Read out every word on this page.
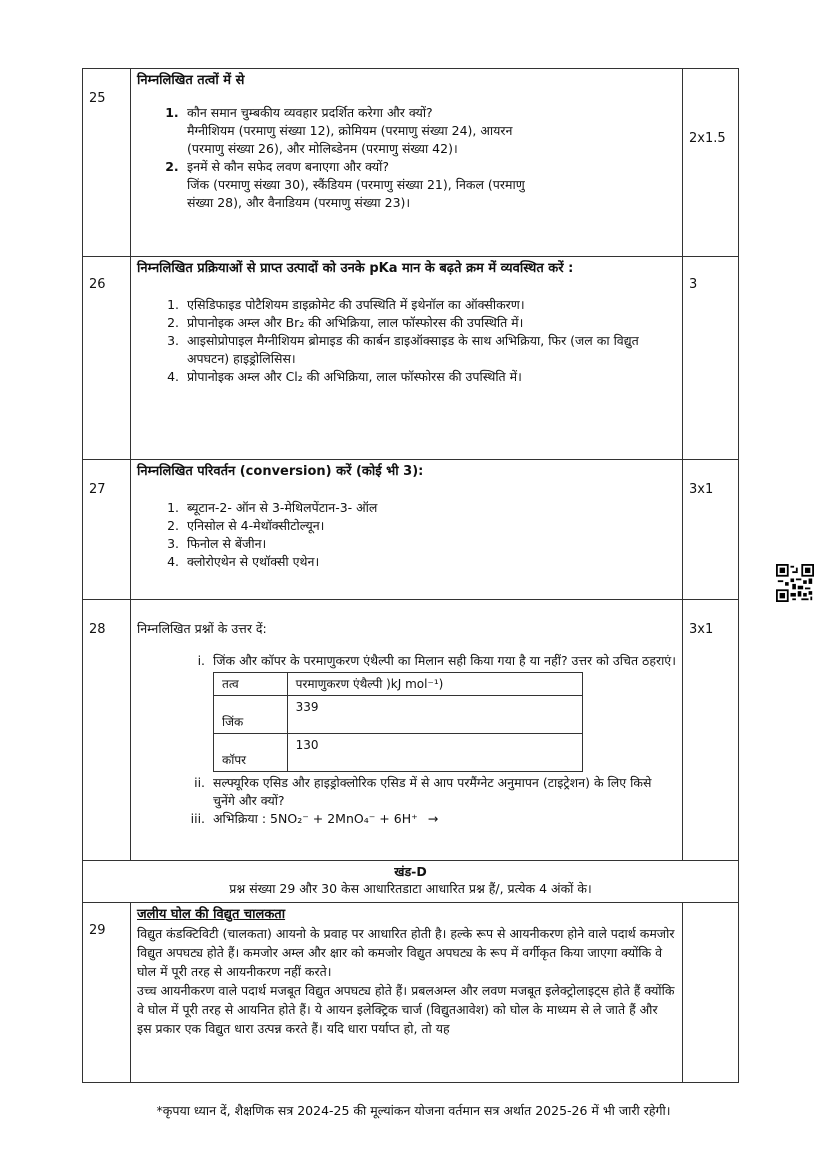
25

निम्नलिखित तत्वों में से
1. कौन समान चुम्बकीय व्यवहार प्रदर्शित करेगा और क्यों?
मैग्नीशियम (परमाणु संख्या 12), क्रोमियम (परमाणु संख्या 24), आयरन
(परमाणु संख्या 26), और मोलिब्डेनम (परमाणु संख्या 42)।
2. इनमें से कौन सफेद लवण बनाएगा और क्यों?
जिंक (परमाणु संख्या 30), स्कैंडियम (परमाणु संख्या 21), निकल (परमाणु
संख्या 28), और वैनाडियम (परमाणु संख्या 23)।

2x1.5

26

निम्नलिखित प्रक्रियाओं से प्राप्त उत्पादों को उनके pKa मान के बढ़ते क्रम में व्यवस्थित करें :
1. एसिडिफाइड पोटैशियम डाइक्रोमेट की उपस्थिति में इथेनॉल का ऑक्सीकरण।
2. प्रोपानोइक अम्ल और Br₂ की अभिक्रिया, लाल फॉस्फोरस की उपस्थिति में।
3. आइसोप्रोपाइल मैग्नीशियम ब्रोमाइड की कार्बन डाइऑक्साइड के साथ अभिक्रिया, फिर (जल का विद्युत अपघटन) हाइड्रोलिसिस।
4. प्रोपानोइक अम्ल और Cl₂ की अभिक्रिया, लाल फॉस्फोरस की उपस्थिति में।

3

27

निम्नलिखित परिवर्तन (conversion) करें (कोई भी 3):
1. ब्यूटान-2- ऑन से 3-मेथिलपेंटान-3- ऑल
2. एनिसोल से 4-मेथॉक्सीटोल्यून।
3. फिनोल से बेंजीन।
4. क्लोरोएथेन से एथॉक्सी एथेन।

3x1

28	निम्नलिखित प्रश्नों के उत्तर दें:
i. जिंक और कॉपर के परमाणुकरण एंथैल्पी का मिलान सही किया गया है या नहीं? उत्तर को उचित ठहराएं।
तत्व	परमाणुकरण एंथैल्पी )kJ mol⁻¹)
जिंक	339
कॉपर	130
ii. सल्फ्यूरिक एसिड और हाइड्रोक्लोरिक एसिड में से आप परमैंग्नेट अनुमापन (टाइट्रेशन) के लिए किसे चुनेंगे और क्यों?
iii. अभिक्रिया : 5NO₂⁻ + 2MnO₄⁻ + 6H⁺ →

3x1

खंड-D
प्रश्न संख्या 29 और 30 केस आधारितडाटा आधारित प्रश्न हैं/, प्रत्येक 4 अंकों के।

29

जलीय घोल की विद्युत चालकता
विद्युत कंडक्टिविटी (चालकता) आयनो के प्रवाह पर आधारित होती है। हल्के रूप से आयनीकरण होने वाले पदार्थ कमजोर विद्युत अपघट्य होते हैं। कमजोर अम्ल और क्षार को कमजोर विद्युत अपघट्य के रूप में वर्गीकृत किया जाएगा क्योंकि वे घोल में पूरी तरह से आयनीकरण नहीं करते।
उच्च आयनीकरण वाले पदार्थ मजबूत विद्युत अपघट्य होते हैं। प्रबलअम्ल और लवण मजबूत इलेक्ट्रोलाइट्स होते हैं क्योंकि वे घोल में पूरी तरह से आयनित होते हैं। ये आयन इलेक्ट्रिक चार्ज (विद्युतआवेश) को घोल के माध्यम से ले जाते हैं और इस प्रकार एक विद्युत धारा उत्पन्न करते हैं। यदि धारा पर्याप्त हो, तो यह

*कृपया ध्यान दें, शैक्षणिक सत्र 2024-25 की मूल्यांकन योजना वर्तमान सत्र अर्थात 2025-26 में भी जारी रहेगी।
